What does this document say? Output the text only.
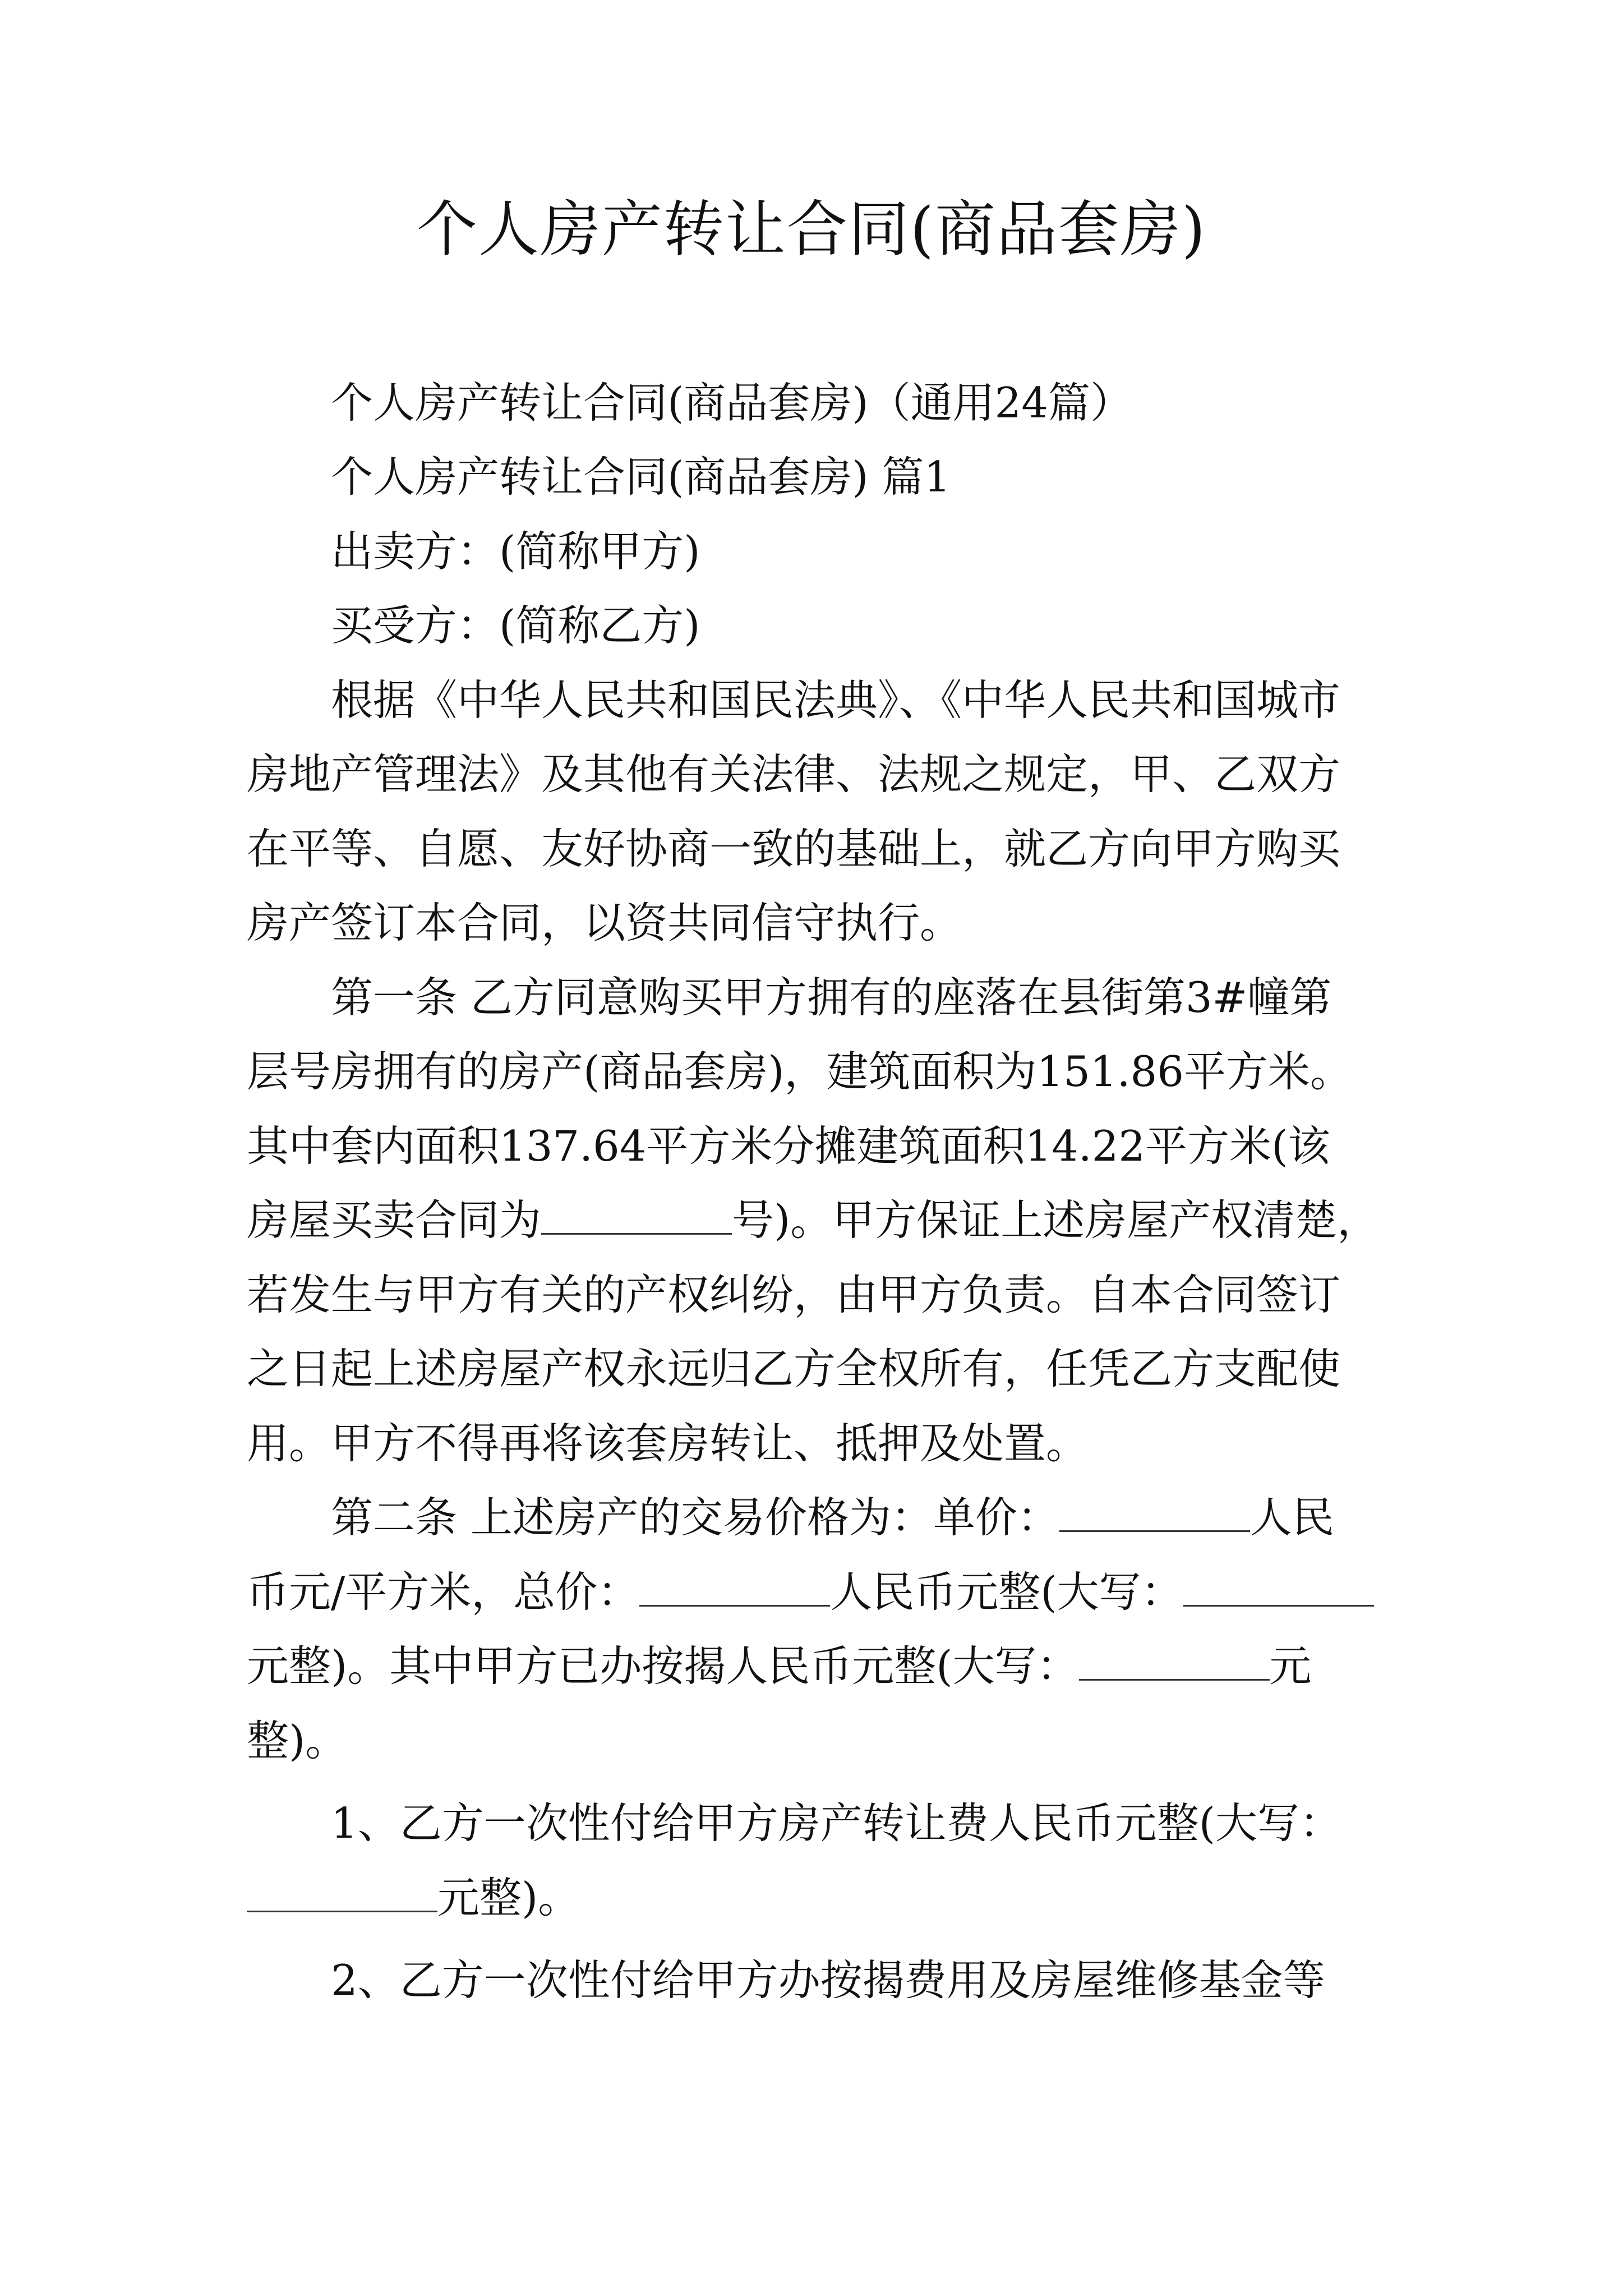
个人房产转让合同(商品套房)
个人房产转让合同(商品套房)（通用24篇）
个人房产转让合同(商品套房) 篇1
出卖方：(简称甲方)
买受方：(简称乙方)
根据《中华人民共和国民法典》、《中华人民共和国城市
房地产管理法》及其他有关法律、法规之规定，甲、乙双方
在平等、自愿、友好协商一致的基础上，就乙方向甲方购买
房产签订本合同，以资共同信守执行。
第一条 乙方同意购买甲方拥有的座落在县街第3#幢第
层号房拥有的房产(商品套房)，建筑面积为151.86平方米。
其中套内面积137.64平方米分摊建筑面积14.22平方米(该
房屋买卖合同为	号)。甲方保证上述房屋产权清楚，
若发生与甲方有关的产权纠纷，由甲方负责。自本合同签订
之日起上述房屋产权永远归乙方全权所有，任凭乙方支配使
用。甲方不得再将该套房转让、抵押及处置。
第二条 上述房产的交易价格为：单价：	人民
币元/平方米，总价：	人民币元整(大写：
元整)。其中甲方已办按揭人民币元整(大写：	元
整)。
1、乙方一次性付给甲方房产转让费人民币元整(大写：
元整)。
2、乙方一次性付给甲方办按揭费用及房屋维修基金等
